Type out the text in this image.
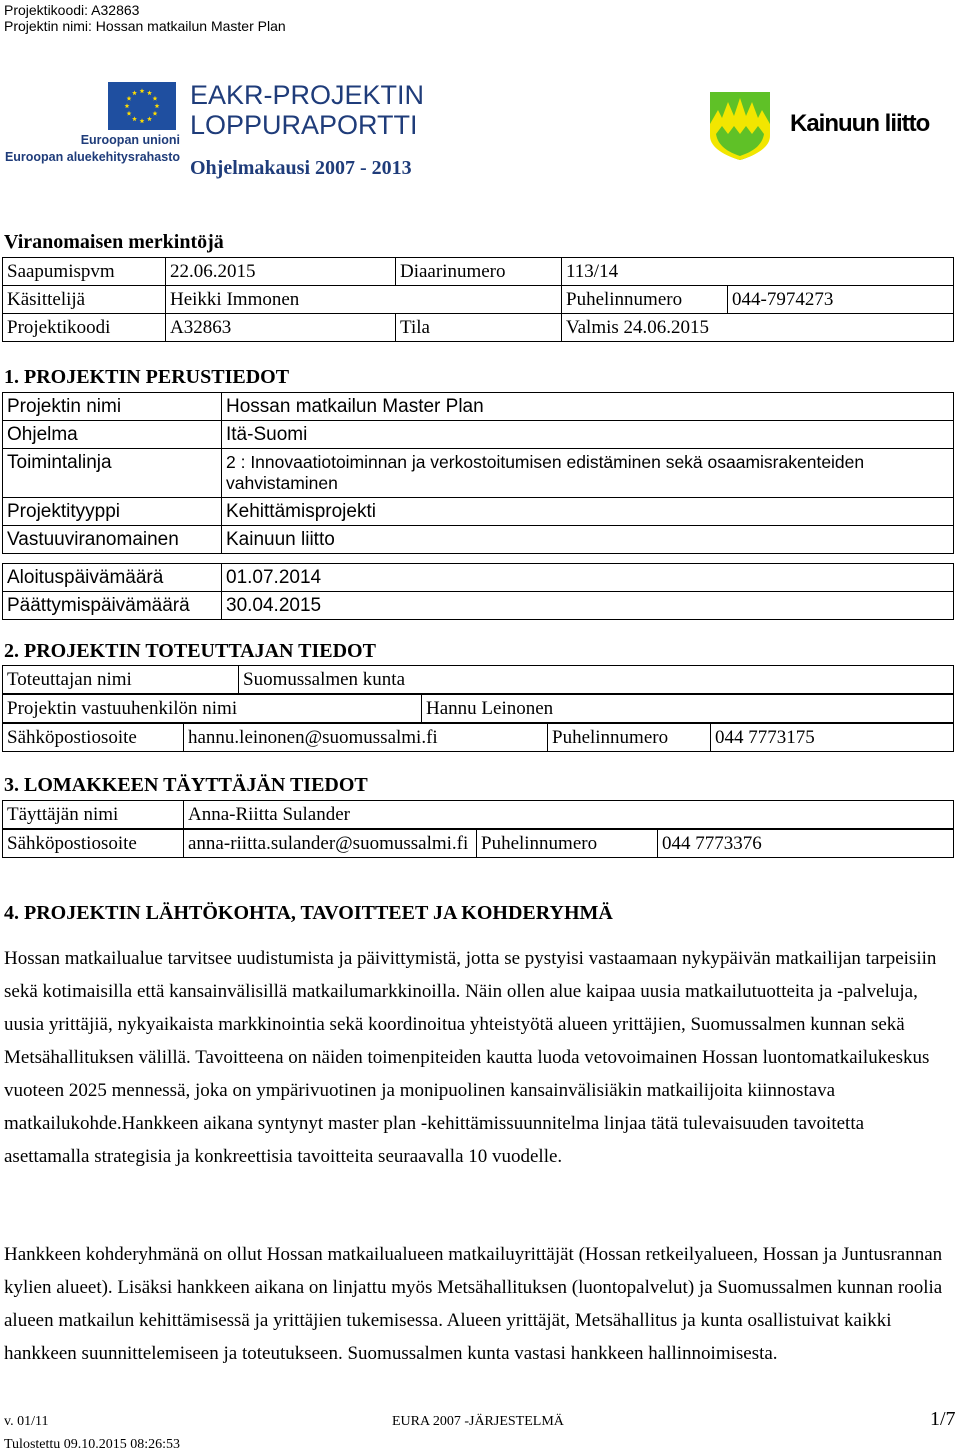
Projektikoodi: A32863
Projektin nimi: Hossan matkailun Master Plan
Euroopan unioni
Euroopan aluekehitysrahasto
EAKR-PROJEKTIN
LOPPURAPORTTI
Ohjelmakausi 2007 - 2013
Kainuun liitto
Viranomaisen merkintöjä
Saapumispvm	22.06.2015	Diaarinumero	113/14	
Käsittelijä	Heikki Immonen		Puhelinnumero	044-7974273
Projektikoodi	A32863	Tila	Valmis 24.06.2015	
1. PROJEKTIN PERUSTIEDOT
Projektin nimi	Hossan matkailun Master Plan
Ohjelma	Itä-Suomi
Toimintalinja	2 : Innovaatiotoiminnan ja verkostoitumisen edistäminen sekä osaamisrakenteiden vahvistaminen
Projektityyppi	Kehittämisprojekti
Vastuuviranomainen	Kainuun liitto
Aloituspäivämäärä	01.07.2014
Päättymispäivämäärä	30.04.2015
2. PROJEKTIN TOTEUTTAJAN TIEDOT
Toteuttajan nimi	Suomussalmen kunta
Projektin vastuuhenkilön nimi	Hannu Leinonen
Sähköpostiosoite	hannu.leinonen@suomussalmi.fi	Puhelinnumero	044 7773175
3. LOMAKKEEN TÄYTTÄJÄN TIEDOT
Täyttäjän nimi	Anna-Riitta Sulander
Sähköpostiosoite	anna-riitta.sulander@suomussalmi.fi	Puhelinnumero	044 7773376
4. PROJEKTIN LÄHTÖKOHTA, TAVOITTEET JA KOHDERYHMÄ
Hossan matkailualue tarvitsee uudistumista ja päivittymistä, jotta se pystyisi vastaamaan nykypäivän matkailijan tarpeisiin sekä kotimaisilla että kansainvälisillä matkailumarkkinoilla. Näin ollen alue kaipaa uusia matkailutuotteita ja -palveluja, uusia yrittäjiä, nykyaikaista markkinointia sekä koordinoitua yhteistyötä alueen yrittäjien, Suomussalmen kunnan sekä Metsähallituksen välillä. Tavoitteena on näiden toimenpiteiden kautta luoda vetovoimainen Hossan luontomatkailukeskus vuoteen 2025 mennessä, joka on ympärivuotinen ja monipuolinen kansainvälisiäkin matkailijoita kiinnostava matkailukohde.Hankkeen aikana syntynyt master plan -kehittämissuunnitelma linjaa tätä tulevaisuuden tavoitetta asettamalla strategisia ja konkreettisia tavoitteita seuraavalla 10 vuodelle.
Hankkeen kohderyhmänä on ollut Hossan matkailualueen matkailuyrittäjät (Hossan retkeilyalueen, Hossan ja Juntusrannan kylien alueet). Lisäksi hankkeen aikana on linjattu myös Metsähallituksen (luontopalvelut) ja Suomussalmen kunnan roolia alueen matkailun kehittämisessä ja yrittäjien tukemisessa. Alueen yrittäjät, Metsähallitus ja kunta osallistuivat kaikki hankkeen suunnittelemiseen ja toteutukseen. Suomussalmen kunta vastasi hankkeen hallinnoimisesta.
v. 01/11	EURA 2007 -JÄRJESTELMÄ	1/7
Tulostettu 09.10.2015 08:26:53
